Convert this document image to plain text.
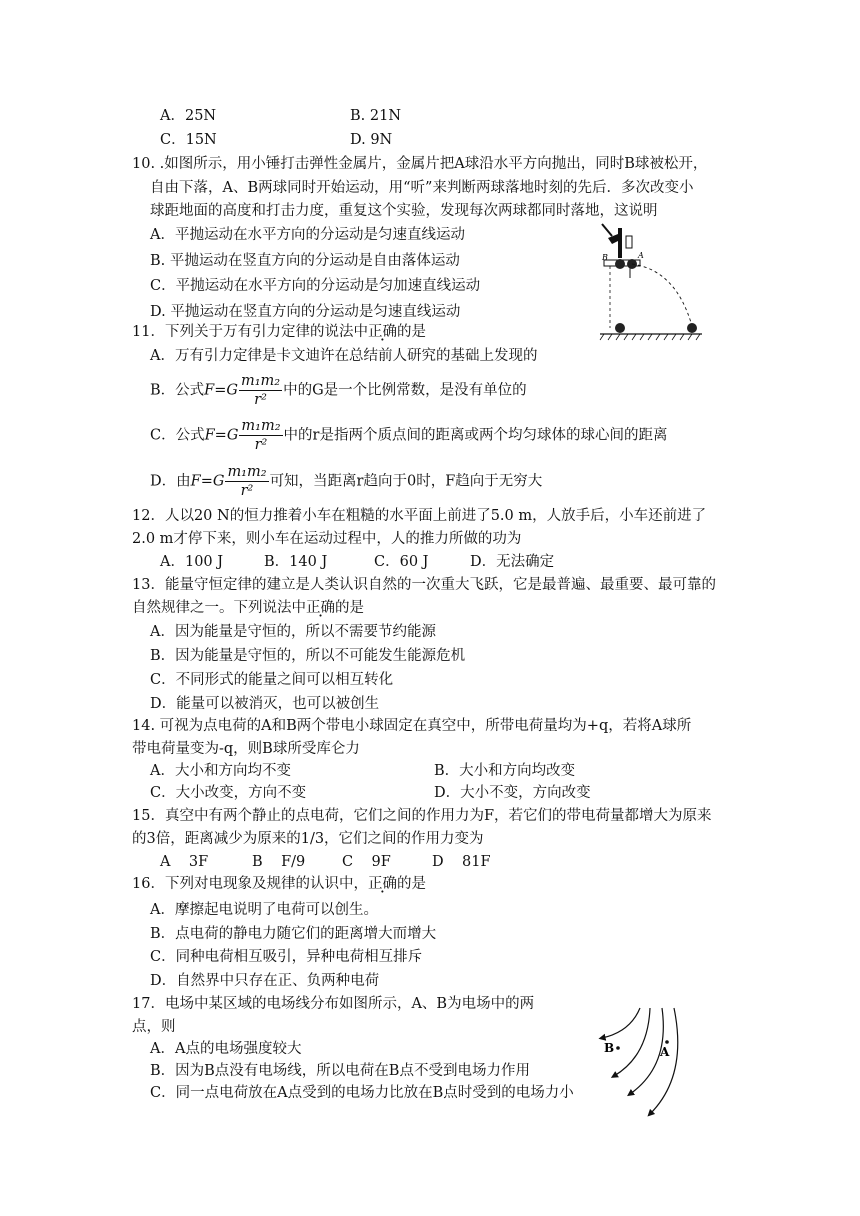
A．25N	B. 21N
C．15N	D. 9N
10. .如图所示，用小锤打击弹性金属片，金属片把A球沿水平方向抛出，同时B球被松开，
自由下落，A、B两球同时开始运动，用“听”来判断两球落地时刻的先后．多次改变小
球距地面的高度和打击力度，重复这个实验，发现每次两球都同时落地，这说明
A．平抛运动在水平方向的分运动是匀速直线运动
B. 平抛运动在竖直方向的分运动是自由落体运动
C．平抛运动在水平方向的分运动是匀加速直线运动
D. 平抛运动在竖直方向的分运动是匀速直线运动
B	A
11．下列关于万有引力定律的说法中正确的是
A．万有引力定律是卡文迪许在总结前人研究的基础上发现的
B．公式$F=G \frac{\text{m₁m₂}}{\text{r²}}$ 中的G是一个比例常数，是没有单位的
C．公式$F=G \frac{\text{m₁m₂}}{\text{r²}}$ 中的r是指两个质点间的距离或两个均匀球体的球心间的距离
D．由$F=G \frac{\text{m₁m₂}}{\text{r²}}$ 可知，当距离r趋向于0时，F趋向于无穷大
12．人以20 N的恒力推着小车在粗糙的水平面上前进了5.0 m，人放手后，小车还前进了
2.0 m才停下来，则小车在运动过程中，人的推力所做的功为
A．100 J	B．140 J	C．60 J	D．无法确定
13．能量守恒定律的建立是人类认识自然的一次重大飞跃，它是最普遍、最重要、最可靠的
自然规律之一。下列说法中正确的是
A．因为能量是守恒的，所以不需要节约能源
B．因为能量是守恒的，所以不可能发生能源危机
C．不同形式的能量之间可以相互转化
D．能量可以被消灭，也可以被创生
14. 可视为点电荷的A和B两个带电小球固定在真空中，所带电荷量均为+q，若将A球所
带电荷量变为-q，则B球所受库仑力
A．大小和方向均不变	B．大小和方向均改变
C．大小改变，方向不变	D．大小不变，方向改变
15．真空中有两个静止的点电荷，它们之间的作用力为F，若它们的带电荷量都增大为原来
的3倍，距离减少为原来的1/3，它们之间的作用力变为
A    3F	B    F/9	C    9F	D    81F
16．下列对电现象及规律的认识中，正确的是
A．摩擦起电说明了电荷可以创生。
B．点电荷的静电力随它们的距离增大而增大
C．同种电荷相互吸引，异种电荷相互排斥
D．自然界中只存在正、负两种电荷
17．电场中某区域的电场线分布如图所示，A、B为电场中的两
点，则
A．A点的电场强度较大
B．因为B点没有电场线，所以电荷在B点不受到电场力作用
C．同一点电荷放在A点受到的电场力比放在B点时受到的电场力小
B	A
